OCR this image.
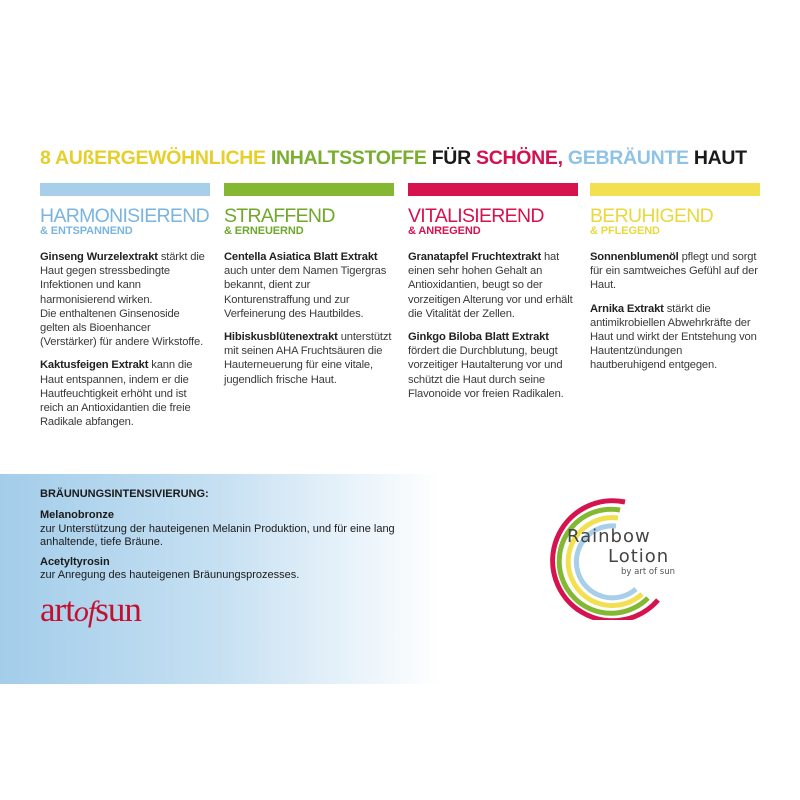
8 AUßERGEWÖHNLICHE INHALTSSTOFFE FÜR SCHÖNE, GEBRÄUNTE HAUT
HARMONISIEREND
& ENTSPANNEND

Ginseng Wurzelextrakt stärkt die Haut gegen stressbedingte Infektionen und kann harmonisierend wirken.
Die enthaltenen Ginsenoside gelten als Bioenhancer (Verstärker) für andere Wirkstoffe.

Kaktusfeigen Extrakt kann die Haut entspannen, indem er die Hautfeuchtigkeit erhöht und ist reich an Antioxidantien die freie Radikale abfangen.

STRAFFEND
& ERNEUERND

Centella Asiatica Blatt Extrakt auch unter dem Namen Tigergras bekannt, dient zur Konturenstraffung und zur Verfeinerung des Hautbildes.

Hibiskusblütenextrakt unterstützt mit seinen AHA Fruchtsäuren die Hauterneuerung für eine vitale, jugendlich frische Haut.

VITALISIEREND
& ANREGEND

Granatapfel Fruchtextrakt hat einen sehr hohen Gehalt an Antioxidantien, beugt so der vorzeitigen Alterung vor und erhält die Vitalität der Zellen.

Ginkgo Biloba Blatt Extrakt fördert die Durchblutung, beugt vorzeitiger Hautalterung vor und schützt die Haut durch seine Flavonoide vor freien Radikalen.

BERUHIGEND
& PFLEGEND

Sonnenblumenöl pflegt und sorgt für ein samtweiches Gefühl auf der Haut.

Arnika Extrakt stärkt die antimikrobiellen Abwehrkräfte der Haut und wirkt der Entstehung von Hautentzündungen hautberuhigend entgegen.

BRÄUNUNGSINTENSIVIERUNG:
Melanobronze
zur Unterstützung der hauteigenen Melanin Produktion, und für eine lang anhaltende, tiefe Bräune.
Acetyltyrosin
zur Anregung des hauteigenen Bräunungsprozesses.
artofsun
Rainbow
Lotion
by art of sun
